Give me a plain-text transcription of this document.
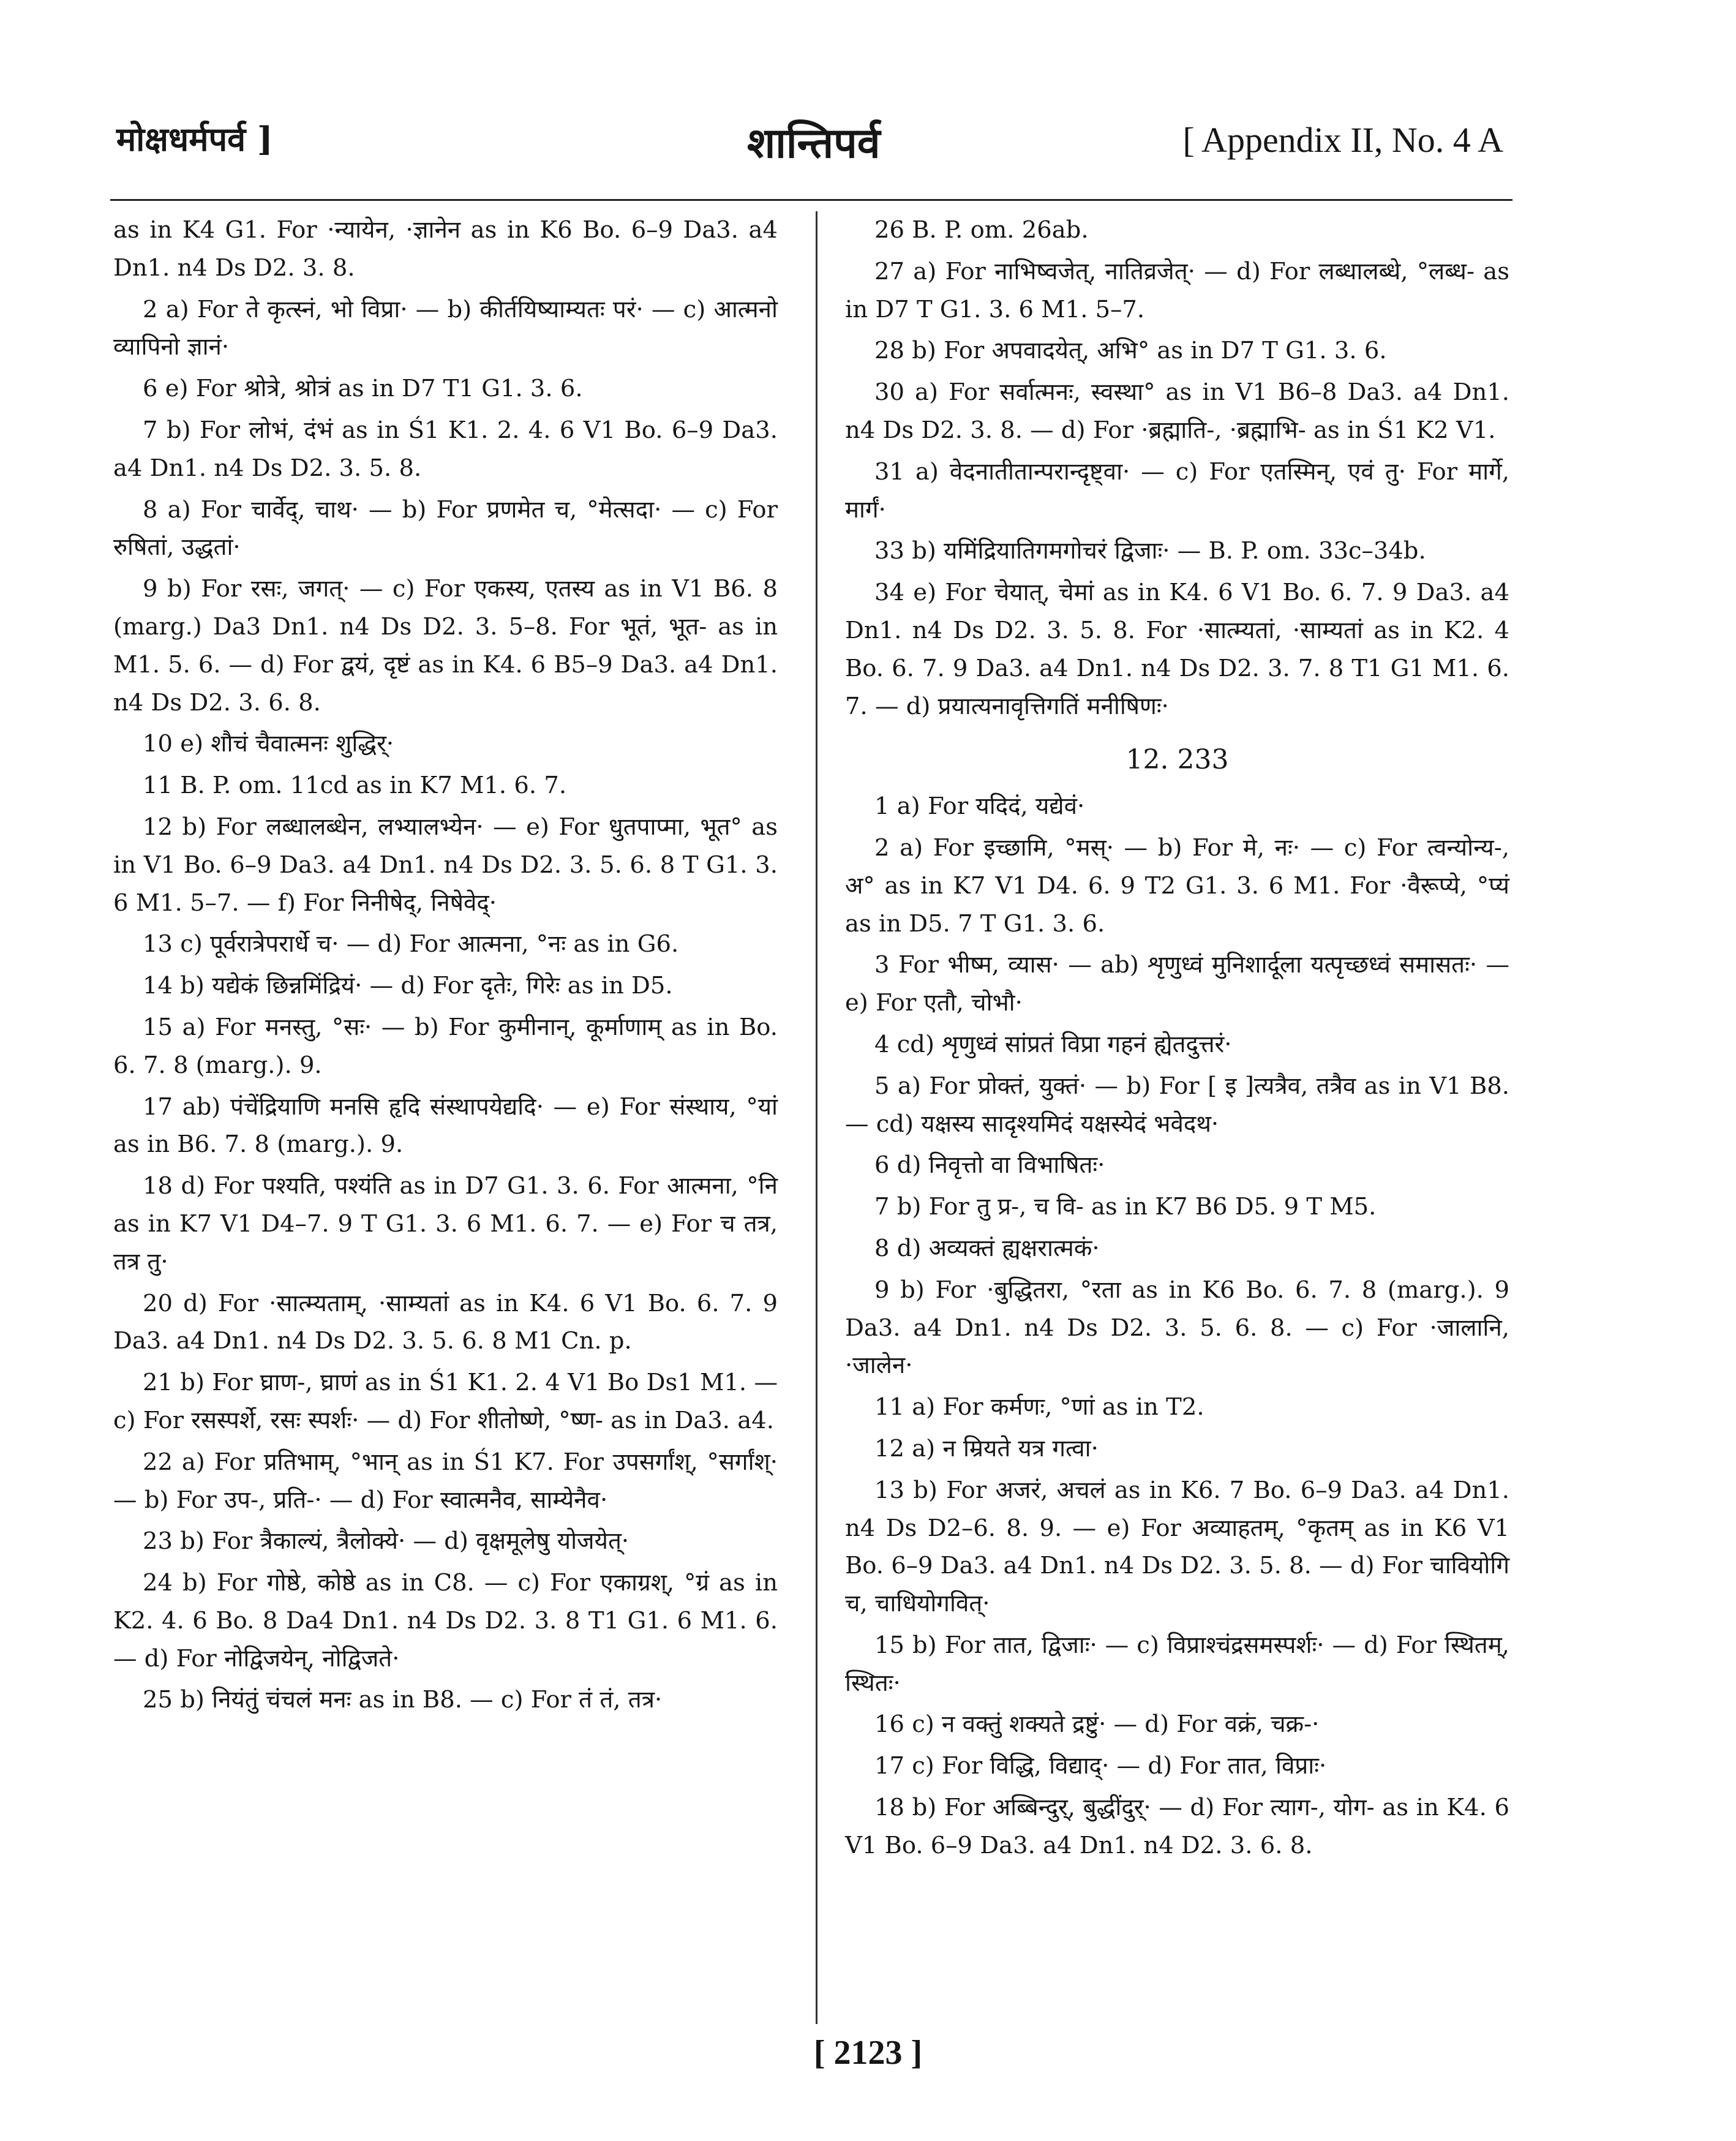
मोक्षधर्मपर्व ]	शान्तिपर्व	[ Appendix II, No. 4 A

as in K4 G1. For ·न्यायेन, ·ज्ञानेन as in K6 Bo. 6–9 Da3. a4 Dn1. n4 Ds D2. 3. 8.

2 a) For ते कृत्स्नं, भो विप्रा· — b) कीर्तयिष्याम्यतः परं· — c) आत्मनो व्यापिनो ज्ञानं·

6 e) For श्रोत्रे, श्रोत्रं as in D7 T1 G1. 3. 6.

7 b) For लोभं, दंभं as in Ś1 K1. 2. 4. 6 V1 Bo. 6–9 Da3. a4 Dn1. n4 Ds D2. 3. 5. 8.

8 a) For चार्वेद्, चाथ· — b) For प्रणमेत च, °मेत्सदा· — c) For रुषितां, उद्धतां·

9 b) For रसः, जगत्· — c) For एकस्य, एतस्य as in V1 B6. 8 (marg.) Da3 Dn1. n4 Ds D2. 3. 5–8. For भूतं, भूत- as in M1. 5. 6. — d) For द्वयं, दृष्टं as in K4. 6 B5–9 Da3. a4 Dn1. n4 Ds D2. 3. 6. 8.

10 e) शौचं चैवात्मनः शुद्धिर्·

11 B. P. om. 11cd as in K7 M1. 6. 7.

12 b) For लब्धालब्धेन, लभ्यालभ्येन· — e) For धुतपाप्मा, भूत° as in V1 Bo. 6–9 Da3. a4 Dn1. n4 Ds D2. 3. 5. 6. 8 T G1. 3. 6 M1. 5–7. — f) For निनीषेद्, निषेवेद्·

13 c) पूर्वरात्रेपरार्धे च· — d) For आत्मना, °नः as in G6.

14 b) यद्येकं छिन्नमिंद्रियं· — d) For दृतेः, गिरेः as in D5.

15 a) For मनस्तु, °सः· — b) For कुमीनान्, कूर्माणाम् as in Bo. 6. 7. 8 (marg.). 9.

17 ab) पंचेंद्रियाणि मनसि हृदि संस्थापयेद्यदि· — e) For संस्थाय, °यां as in B6. 7. 8 (marg.). 9.

18 d) For पश्यति, पश्यंति as in D7 G1. 3. 6. For आत्मना, °नि as in K7 V1 D4–7. 9 T G1. 3. 6 M1. 6. 7. — e) For च तत्र, तत्र तु·

20 d) For ·सात्म्यताम्, ·साम्यतां as in K4. 6 V1 Bo. 6. 7. 9 Da3. a4 Dn1. n4 Ds D2. 3. 5. 6. 8 M1 Cn. p.

21 b) For घ्राण-, घ्राणं as in Ś1 K1. 2. 4 V1 Bo Ds1 M1. — c) For रसस्पर्शे, रसः स्पर्शः· — d) For शीतोष्णे, °ष्ण- as in Da3. a4.

22 a) For प्रतिभाम्, °भान् as in Ś1 K7. For उपसर्गांश्, °सर्गांश्· — b) For उप-, प्रति-· — d) For स्वात्मनैव, साम्येनैव·

23 b) For त्रैकाल्यं, त्रैलोक्ये· — d) वृक्षमूलेषु योजयेत्·

24 b) For गोष्ठे, कोष्ठे as in C8. — c) For एकाग्रश्, °ग्रं as in K2. 4. 6 Bo. 8 Da4 Dn1. n4 Ds D2. 3. 8 T1 G1. 6 M1. 6. — d) For नोद्विजयेन्, नोद्विजते·

25 b) नियंतुं चंचलं मनः as in B8. — c) For तं तं, तत्र·

26 B. P. om. 26ab.

27 a) For नाभिष्वजेत्, नातिव्रजेत्· — d) For लब्धालब्धे, °लब्ध- as in D7 T G1. 3. 6 M1. 5–7.

28 b) For अपवादयेत्, अभि° as in D7 T G1. 3. 6.

30 a) For सर्वात्मनः, स्वस्था° as in V1 B6–8 Da3. a4 Dn1. n4 Ds D2. 3. 8. — d) For ·ब्रह्माति-, ·ब्रह्माभि- as in Ś1 K2 V1.

31 a) वेदनातीतान्परान्दृष्ट्वा· — c) For एतस्मिन्, एवं तु· For मार्गे, मार्गं·

33 b) यमिंद्रियातिगमगोचरं द्विजाः· — B. P. om. 33c–34b.

34 e) For चेयात्, चेमां as in K4. 6 V1 Bo. 6. 7. 9 Da3. a4 Dn1. n4 Ds D2. 3. 5. 8. For ·सात्म्यतां, ·साम्यतां as in K2. 4 Bo. 6. 7. 9 Da3. a4 Dn1. n4 Ds D2. 3. 7. 8 T1 G1 M1. 6. 7. — d) प्रयात्यनावृत्तिगतिं मनीषिणः·

12. 233

1 a) For यदिदं, यद्येवं·

2 a) For इच्छामि, °मस्· — b) For मे, नः· — c) For त्वन्योन्य-, अ° as in K7 V1 D4. 6. 9 T2 G1. 3. 6 M1. For ·वैरूप्ये, °प्यं as in D5. 7 T G1. 3. 6.

3 For भीष्म, व्यास· — ab) शृणुध्वं मुनिशार्दूला यत्पृच्छध्वं समासतः· — e) For एतौ, चोभौ·

4 cd) शृणुध्वं सांप्रतं विप्रा गहनं ह्येतदुत्तरं·

5 a) For प्रोक्तं, युक्तं· — b) For [ इ ]त्यत्रैव, तत्रैव as in V1 B8. — cd) यक्षस्य सादृश्यमिदं यक्षस्येदं भवेदथ·

6 d) निवृत्तो वा विभाषितः·

7 b) For तु प्र-, च वि- as in K7 B6 D5. 9 T M5.

8 d) अव्यक्तं ह्यक्षरात्मकं·

9 b) For ·बुद्धितरा, °रता as in K6 Bo. 6. 7. 8 (marg.). 9 Da3. a4 Dn1. n4 Ds D2. 3. 5. 6. 8. — c) For ·जालानि, ·जालेन·

11 a) For कर्मणः, °णां as in T2.

12 a) न म्रियते यत्र गत्वा·

13 b) For अजरं, अचलं as in K6. 7 Bo. 6–9 Da3. a4 Dn1. n4 Ds D2–6. 8. 9. — e) For अव्याहतम्, °कृतम् as in K6 V1 Bo. 6–9 Da3. a4 Dn1. n4 Ds D2. 3. 5. 8. — d) For चावियोगि च, चाधियोगवित्·

15 b) For तात, द्विजाः· — c) विप्राश्चंद्रसमस्पर्शः· — d) For स्थितम्, स्थितः·

16 c) न वक्तुं शक्यते द्रष्टुं· — d) For वक्रं, चक्र-·

17 c) For विद्धि, विद्याद्· — d) For तात, विप्राः·

18 b) For अब्बिन्दुर्, बुद्धींदुर्· — d) For त्याग-, योग- as in K4. 6 V1 Bo. 6–9 Da3. a4 Dn1. n4 D2. 3. 6. 8.

[ 2123 ]
